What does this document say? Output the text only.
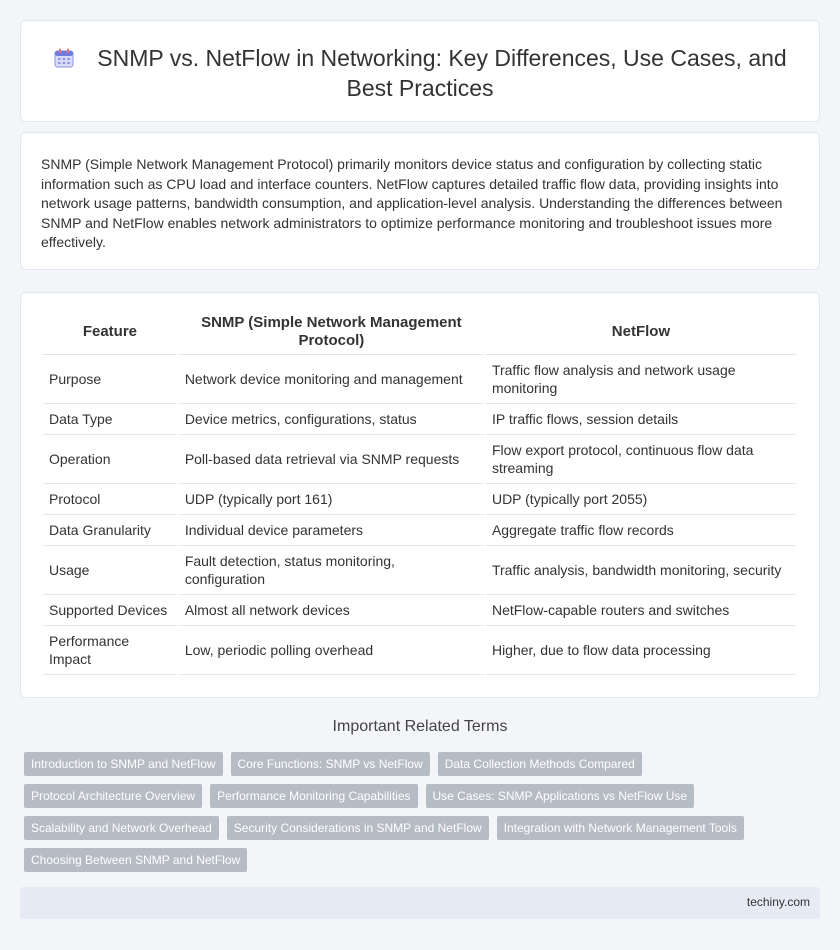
SNMP vs. NetFlow in Networking: Key Differences, Use Cases, and Best Practices

SNMP (Simple Network Management Protocol) primarily monitors device status and configuration by collecting static information such as CPU load and interface counters. NetFlow captures detailed traffic flow data, providing insights into network usage patterns, bandwidth consumption, and application-level analysis. Understanding the differences between SNMP and NetFlow enables network administrators to optimize performance monitoring and troubleshoot issues more effectively.

Feature	SNMP (Simple Network Management Protocol)	NetFlow
Purpose	Network device monitoring and management	Traffic flow analysis and network usage monitoring
Data Type	Device metrics, configurations, status	IP traffic flows, session details
Operation	Poll-based data retrieval via SNMP requests	Flow export protocol, continuous flow data streaming
Protocol	UDP (typically port 161)	UDP (typically port 2055)
Data Granularity	Individual device parameters	Aggregate traffic flow records
Usage	Fault detection, status monitoring, configuration	Traffic analysis, bandwidth monitoring, security
Supported Devices	Almost all network devices	NetFlow-capable routers and switches
Performance Impact	Low, periodic polling overhead	Higher, due to flow data processing
Important Related Terms
Introduction to SNMP and NetFlow	Core Functions: SNMP vs NetFlow	Data Collection Methods Compared
Protocol Architecture Overview	Performance Monitoring Capabilities	Use Cases: SNMP Applications vs NetFlow Use
Scalability and Network Overhead	Security Considerations in SNMP and NetFlow	Integration with Network Management Tools
Choosing Between SNMP and NetFlow
techiny.com
